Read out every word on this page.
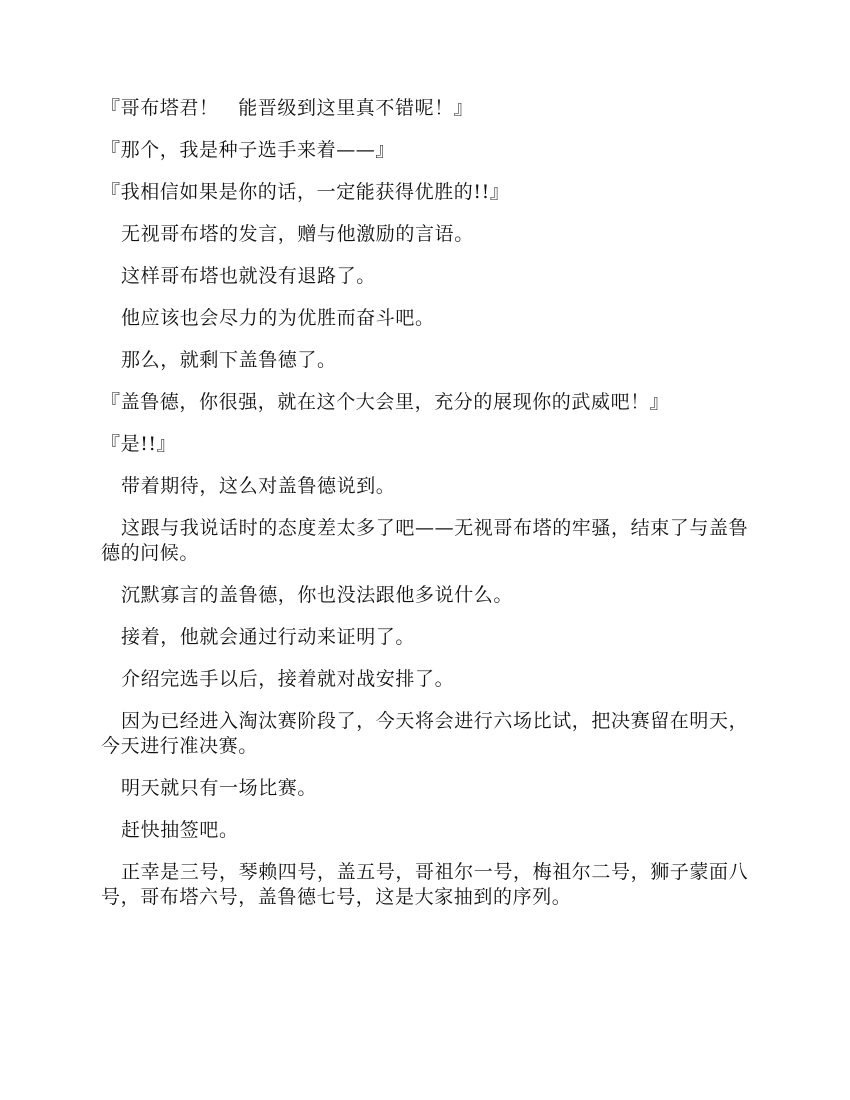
『哥布塔君！　能晋级到这里真不错呢！』

『那个，我是种子选手来着——』

『我相信如果是你的话，一定能获得优胜的!!』

无视哥布塔的发言，赠与他激励的言语。

这样哥布塔也就没有退路了。

他应该也会尽力的为优胜而奋斗吧。

那么，就剩下盖鲁德了。

『盖鲁德，你很强，就在这个大会里，充分的展现你的武威吧！』

『是!!』

带着期待，这么对盖鲁德说到。

这跟与我说话时的态度差太多了吧——无视哥布塔的牢骚，结束了与盖鲁德的问候。

沉默寡言的盖鲁德，你也没法跟他多说什么。

接着，他就会通过行动来证明了。

介绍完选手以后，接着就对战安排了。

因为已经进入淘汰赛阶段了，今天将会进行六场比试，把决赛留在明天，今天进行准决赛。

明天就只有一场比赛。

赶快抽签吧。

正幸是三号，琴赖四号，盖五号，哥祖尔一号，梅祖尔二号，狮子蒙面八号，哥布塔六号，盖鲁德七号，这是大家抽到的序列。
